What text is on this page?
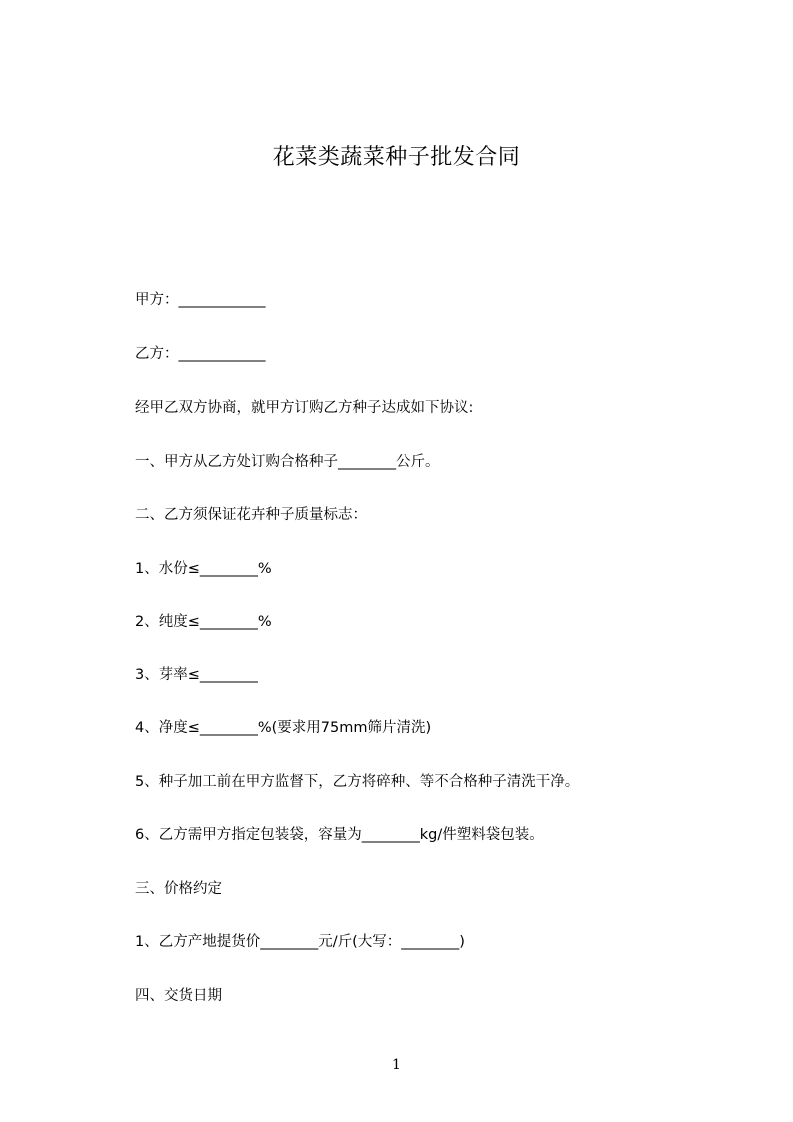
花菜类蔬菜种子批发合同
甲方：____________
乙方：____________
经甲乙双方协商，就甲方订购乙方种子达成如下协议:
一、甲方从乙方处订购合格种子________公斤。
二、乙方须保证花卉种子质量标志：
1、水份≤________%
2、纯度≤________%
3、芽率≤________
4、净度≤________%(要求用75mm筛片清洗)
5、种子加工前在甲方监督下，乙方将碎种、等不合格种子清洗干净。
6、乙方需甲方指定包装袋，容量为________kg/件塑料袋包装。
三、价格约定
1、乙方产地提货价________元/斤(大写：________)
四、交货日期
1
